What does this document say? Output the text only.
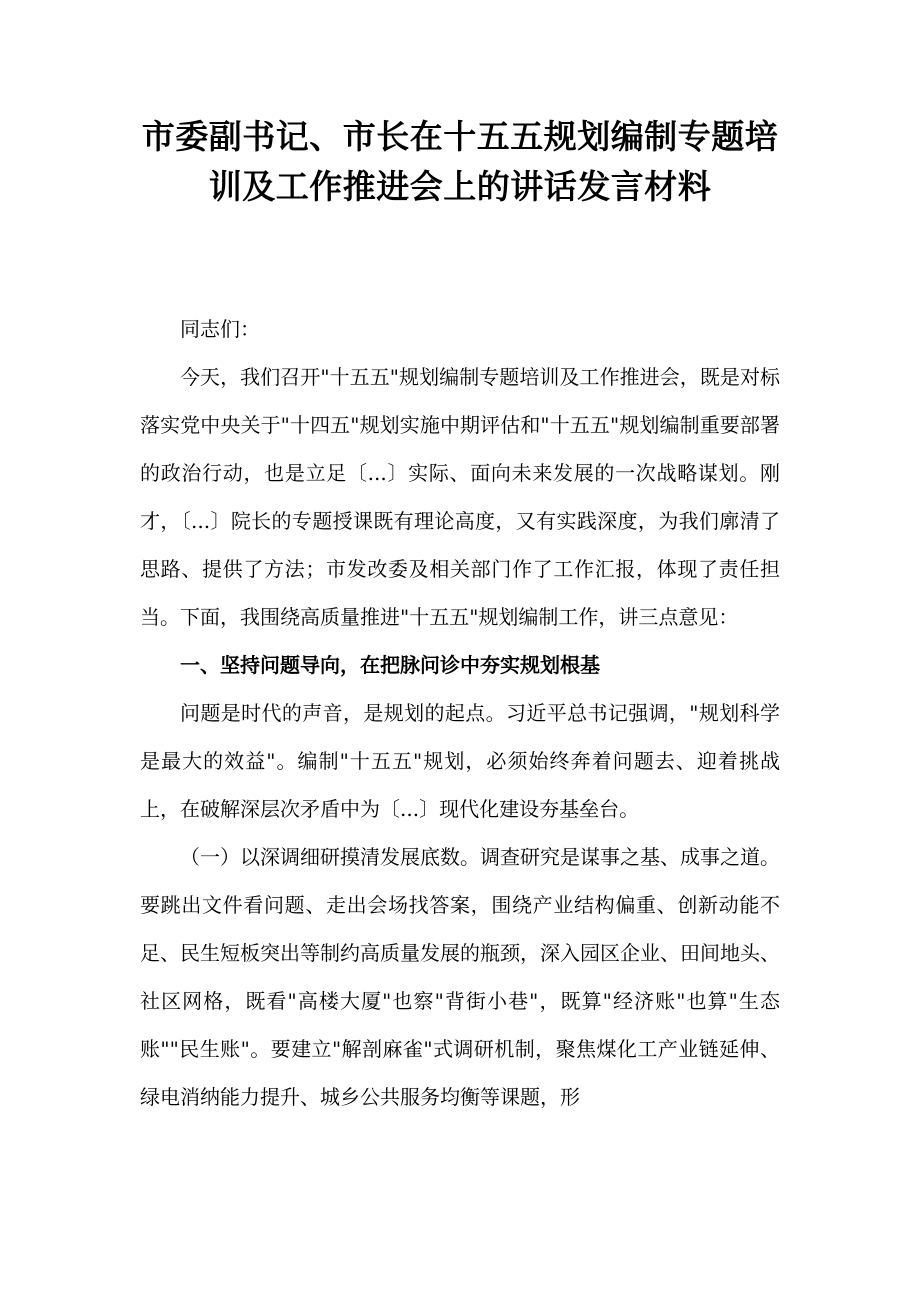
市委副书记、市长在十五五规划编制专题培
训及工作推进会上的讲话发言材料

同志们：

今天，我们召开"十五五"规划编制专题培训及工作推进会，既是对标落实党中央关于"十四五"规划实施中期评估和"十五五"规划编制重要部署的政治行动，也是立足〔...〕实际、面向未来发展的一次战略谋划。刚才，〔...〕院长的专题授课既有理论高度，又有实践深度，为我们廓清了思路、提供了方法；市发改委及相关部门作了工作汇报，体现了责任担当。下面，我围绕高质量推进"十五五"规划编制工作，讲三点意见：

一、坚持问题导向，在把脉问诊中夯实规划根基

问题是时代的声音，是规划的起点。习近平总书记强调，"规划科学是最大的效益"。编制"十五五"规划，必须始终奔着问题去、迎着挑战上，在破解深层次矛盾中为〔...〕现代化建设夯基垒台。

（一）以深调细研摸清发展底数。调查研究是谋事之基、成事之道。要跳出文件看问题、走出会场找答案，围绕产业结构偏重、创新动能不足、民生短板突出等制约高质量发展的瓶颈，深入园区企业、田间地头、社区网格，既看"高楼大厦"也察"背街小巷"，既算"经济账"也算"生态账""民生账"。要建立"解剖麻雀"式调研机制，聚焦煤化工产业链延伸、绿电消纳能力提升、城乡公共服务均衡等课题，形
